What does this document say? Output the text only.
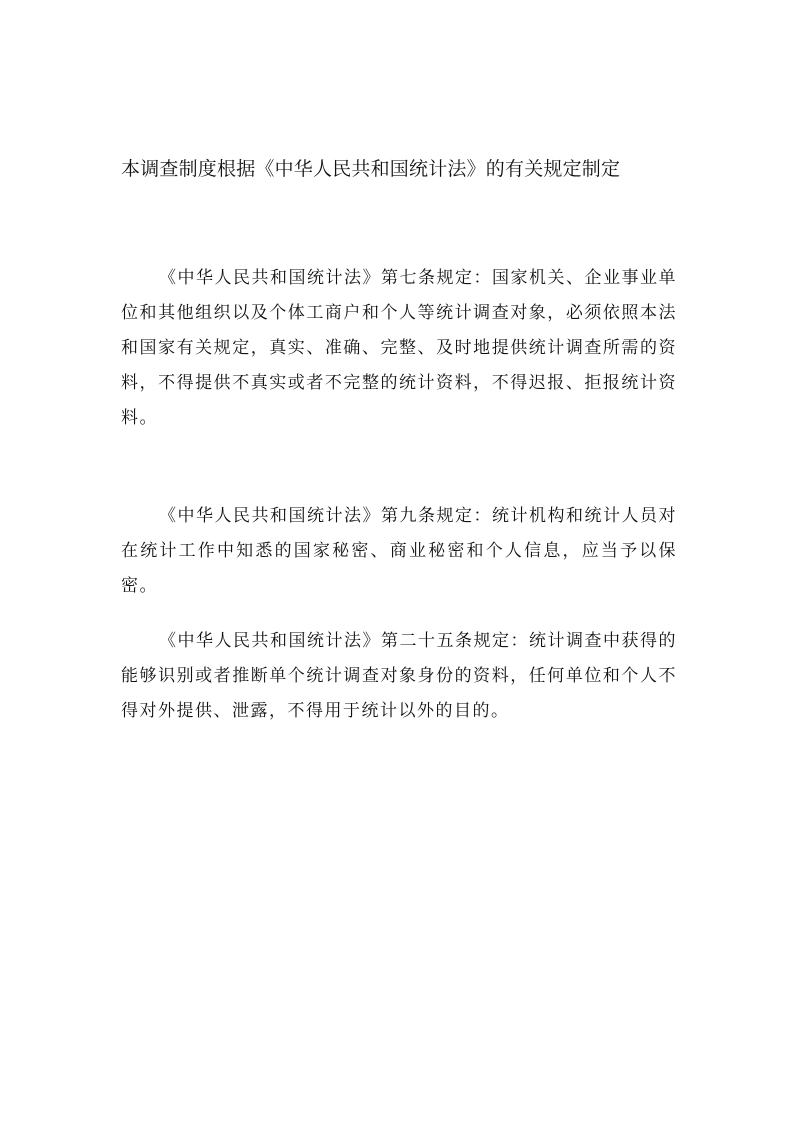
本调查制度根据《中华人民共和国统计法》的有关规定制定
《中华人民共和国统计法》第七条规定：国家机关、企业事业单位和其他组织以及个体工商户和个人等统计调查对象，必须依照本法和国家有关规定，真实、准确、完整、及时地提供统计调查所需的资料，不得提供不真实或者不完整的统计资料，不得迟报、拒报统计资料。
《中华人民共和国统计法》第九条规定：统计机构和统计人员对在统计工作中知悉的国家秘密、商业秘密和个人信息，应当予以保密。
《中华人民共和国统计法》第二十五条规定：统计调查中获得的能够识别或者推断单个统计调查对象身份的资料，任何单位和个人不得对外提供、泄露，不得用于统计以外的目的。
